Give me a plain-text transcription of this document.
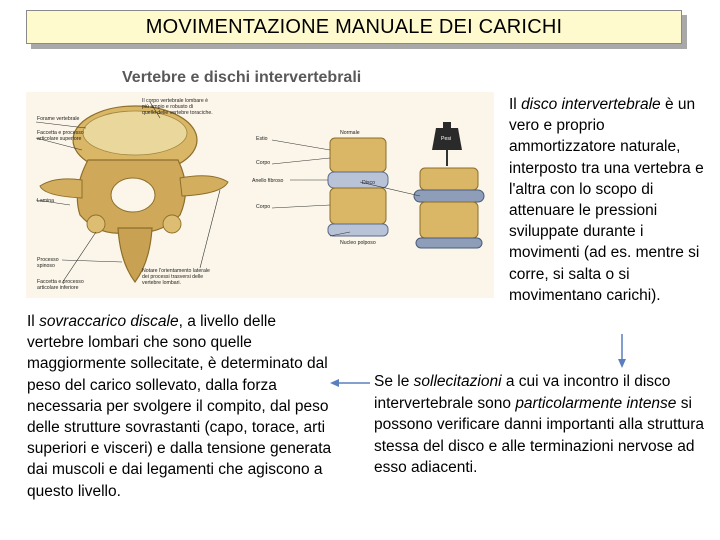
MOVIMENTAZIONE MANUALE DEI CARICHI
Vertebre e dischi intervertebrali
Il corpo vertebrale lombare è
più ampio e robusto di
quello delle vertebre toraciche.
Forame vertebrale
Faccetta e processo
articolare superiore
Lamina
Processo
spinoso
Faccetta e processo
articolare inferiore
Notare l'orientamento laterale
dei processi trasversi delle
vertebre lombari.
Pesi
Estio
Corpo
Anello fibroso
Corpo
Normale
Disco
Nucleo polposo
Il disco intervertebrale è un vero e proprio ammortizzatore naturale, interposto tra una vertebra e l'altra con lo scopo di attenuare le pressioni sviluppate durante i movimenti (ad es. mentre si corre, si salta o si movimentano carichi).
Il sovraccarico discale, a livello delle vertebre lombari che sono quelle maggiormente sollecitate, è determinato dal peso del carico sollevato, dalla forza necessaria per svolgere il compito, dal peso delle strutture sovrastanti (capo, torace, arti superiori e visceri) e dalla tensione generata dai muscoli e dai legamenti che agiscono a questo livello.
Se le sollecitazioni a cui va incontro il disco intervertebrale sono particolarmente intense si possono verificare danni importanti alla struttura stessa del disco e alle terminazioni nervose ad esso adiacenti.
